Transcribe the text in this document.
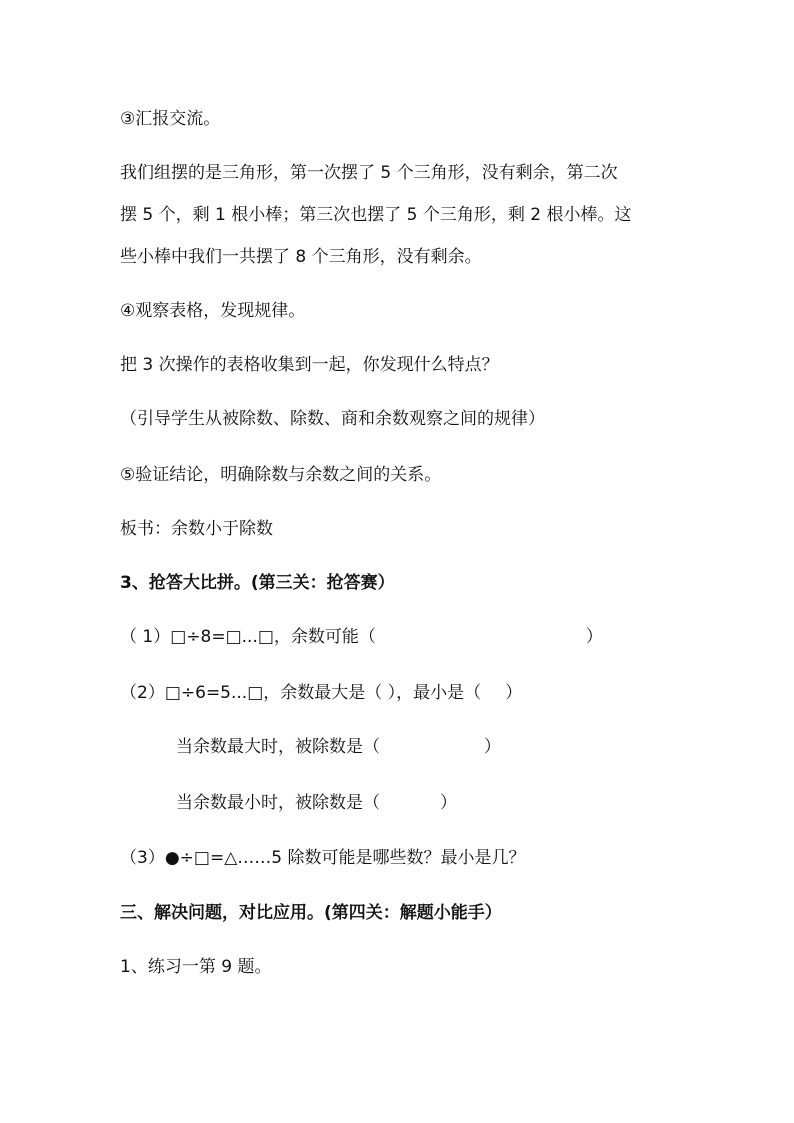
③汇报交流。
我们组摆的是三角形，第一次摆了 5 个三角形，没有剩余，第二次
摆 5 个，剩 1 根小棒；第三次也摆了 5 个三角形，剩 2 根小棒。这
些小棒中我们一共摆了 8 个三角形，没有剩余。
④观察表格，发现规律。
把 3 次操作的表格收集到一起，你发现什么特点？
（引导学生从被除数、除数、商和余数观察之间的规律）
⑤验证结论，明确除数与余数之间的关系。
板书：余数小于除数
3、抢答大比拼。(第三关：抢答赛）
（ 1）□÷8=□...□，余数可能（	）
（2）□÷6=5...□，余数最大是（ ），最小是（ ）
当余数最大时，被除数是（	）
当余数最小时，被除数是（	）
（3）●÷□=△……5 除数可能是哪些数？最小是几？
三、解决问题，对比应用。(第四关：解题小能手）
1、练习一第 9 题。
